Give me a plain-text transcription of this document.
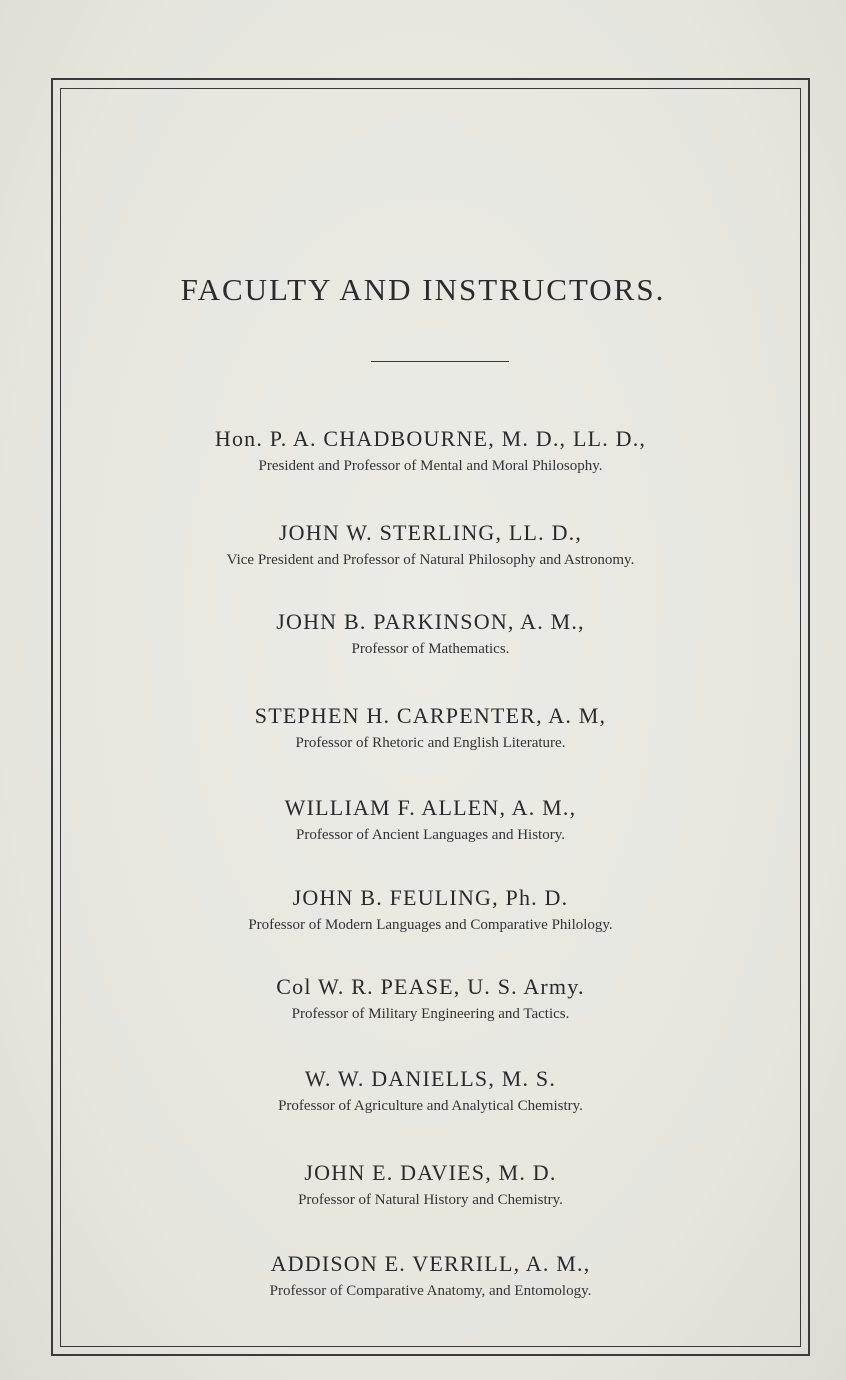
FACULTY AND INSTRUCTORS.
Hon. P. A. CHADBOURNE, M. D., LL. D.,
President and Professor of Mental and Moral Philosophy.
JOHN W. STERLING, LL. D.,
Vice President and Professor of Natural Philosophy and Astronomy.
JOHN B. PARKINSON, A. M.,
Professor of Mathematics.
STEPHEN H. CARPENTER, A. M,
Professor of Rhetoric and English Literature.
WILLIAM F. ALLEN, A. M.,
Professor of Ancient Languages and History.
JOHN B. FEULING, Ph. D.
Professor of Modern Languages and Comparative Philology.
Col W. R. PEASE, U. S. Army.
Professor of Military Engineering and Tactics.
W. W. DANIELLS, M. S.
Professor of Agriculture and Analytical Chemistry.
JOHN E. DAVIES, M. D.
Professor of Natural History and Chemistry.
ADDISON E. VERRILL, A. M.,
Professor of Comparative Anatomy, and Entomology.
